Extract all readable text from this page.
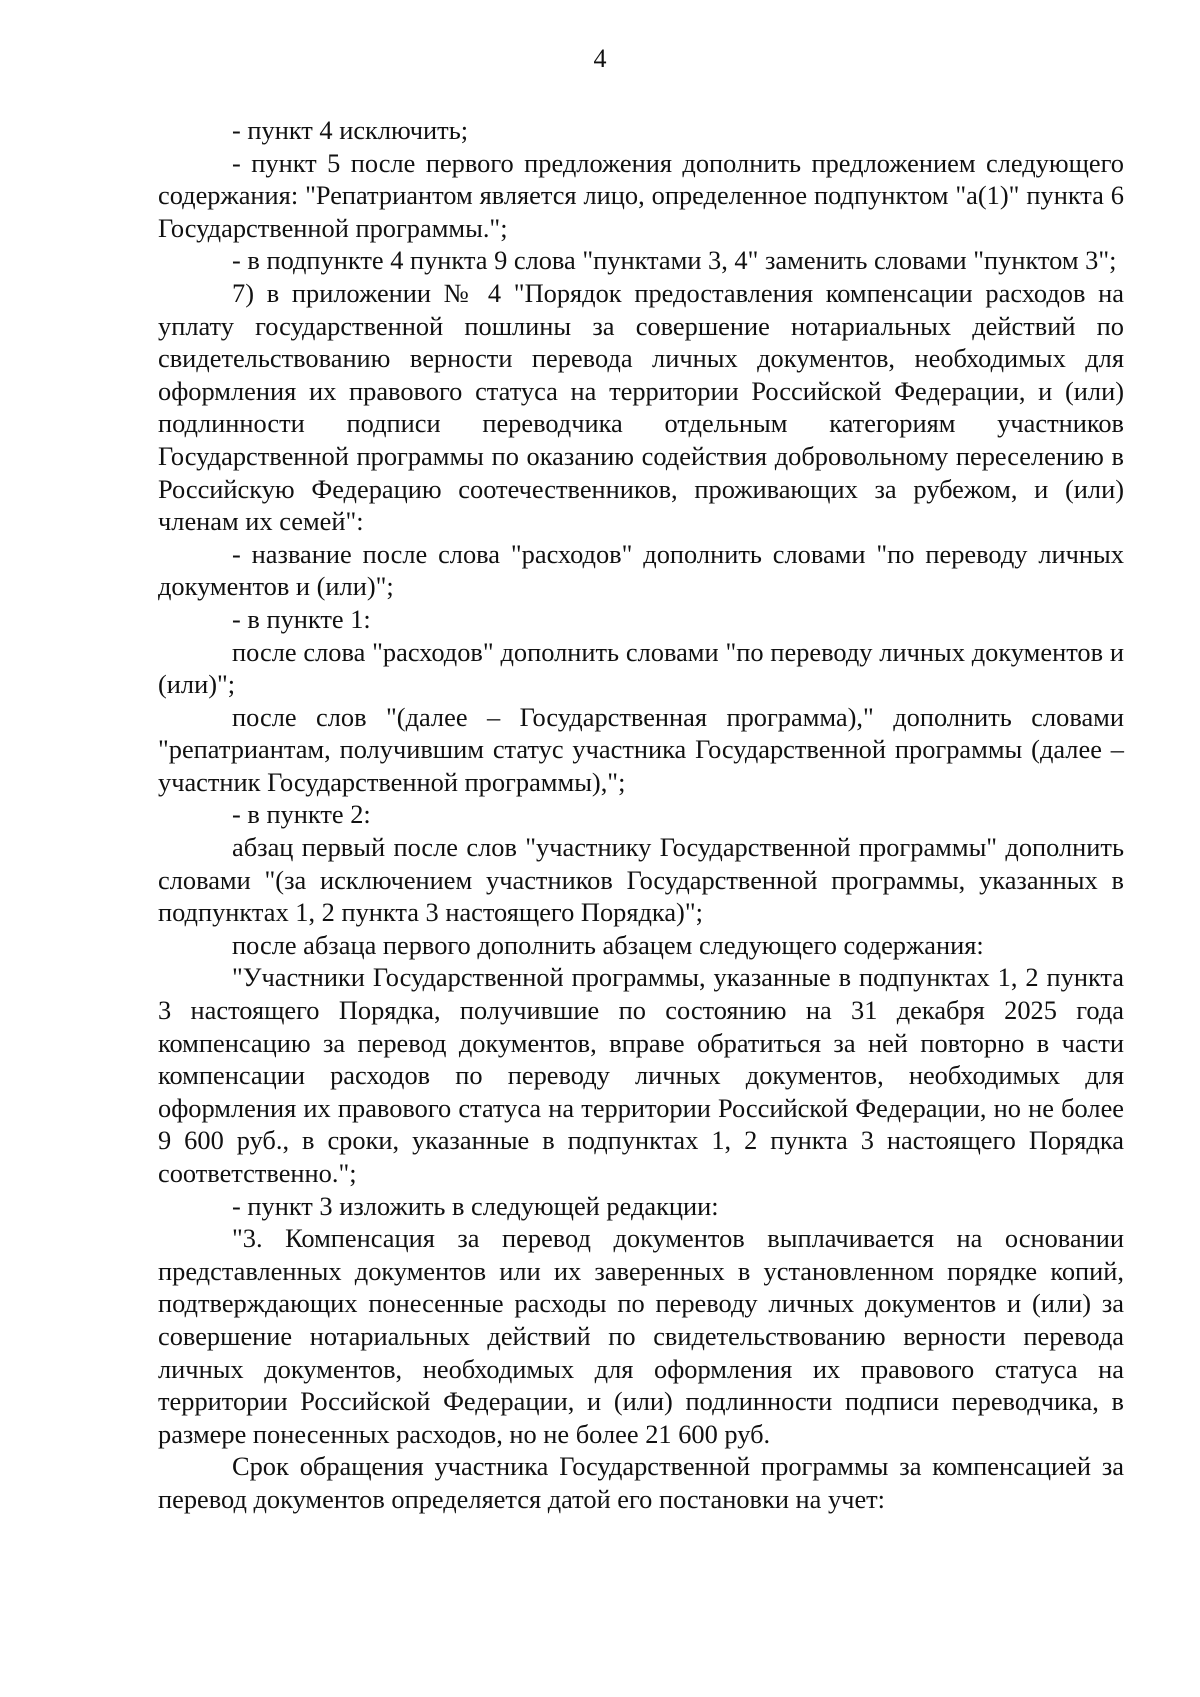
4

- пункт 4 исключить;

- пункт 5 после первого предложения дополнить предложением следующего содержания: "Репатриантом является лицо, определенное подпунктом "а(1)" пункта 6 Государственной программы.";

- в подпункте 4 пункта 9 слова "пунктами 3, 4" заменить словами "пунктом 3";

7) в приложении № 4 "Порядок предоставления компенсации расходов на уплату государственной пошлины за совершение нотариальных действий по свидетельствованию верности перевода личных документов, необходимых для оформления их правового статуса на территории Российской Федерации, и (или) подлинности подписи переводчика отдельным категориям участников Государственной программы по оказанию содействия добровольному переселению в Российскую Федерацию соотечественников, проживающих за рубежом, и (или) членам их семей":

- название после слова "расходов" дополнить словами "по переводу личных документов и (или)";

- в пункте 1:

после слова "расходов" дополнить словами "по переводу личных документов и (или)";

после слов "(далее – Государственная программа)," дополнить словами "репатриантам, получившим статус участника Государственной программы (далее – участник Государственной программы),";

- в пункте 2:

абзац первый после слов "участнику Государственной программы" дополнить словами "(за исключением участников Государственной программы, указанных в подпунктах 1, 2 пункта 3 настоящего Порядка)";

после абзаца первого дополнить абзацем следующего содержания:

"Участники Государственной программы, указанные в подпунктах 1, 2 пункта 3 настоящего Порядка, получившие по состоянию на 31 декабря 2025 года компенсацию за перевод документов, вправе обратиться за ней повторно в части компенсации расходов по переводу личных документов, необходимых для оформления их правового статуса на территории Российской Федерации, но не более 9 600 руб., в сроки, указанные в подпунктах 1, 2 пункта 3 настоящего Порядка соответственно.";

- пункт 3 изложить в следующей редакции:

"3. Компенсация за перевод документов выплачивается на основании представленных документов или их заверенных в установленном порядке копий, подтверждающих понесенные расходы по переводу личных документов и (или) за совершение нотариальных действий по свидетельствованию верности перевода личных документов, необходимых для оформления их правового статуса на территории Российской Федерации, и (или) подлинности подписи переводчика, в размере понесенных расходов, но не более 21 600 руб.

Срок обращения участника Государственной программы за компенсацией за перевод документов определяется датой его постановки на учет:
